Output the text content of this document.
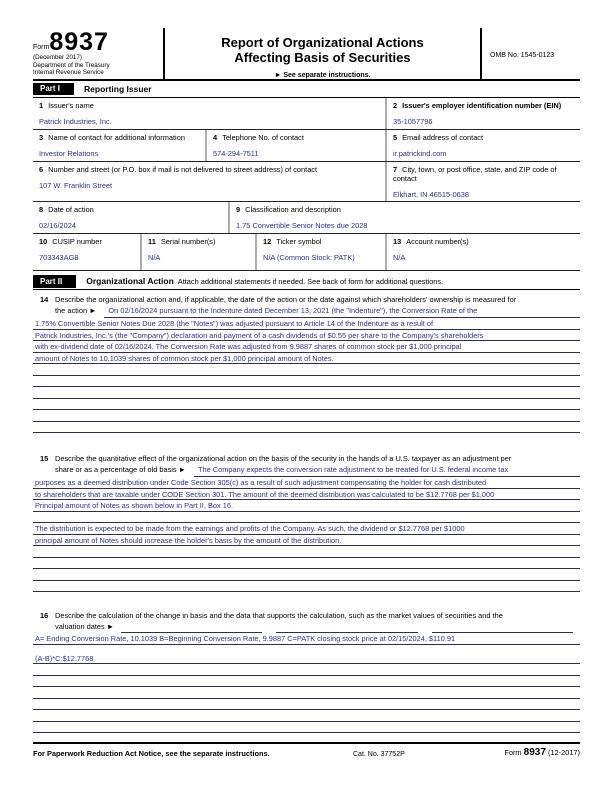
Form 8937
(December 2017)
Department of the Treasury
Internal Revenue Service
Report of Organizational Actions
Affecting Basis of Securities
► See separate instructions.
OMB No. 1545-0123
Part I	Reporting Issuer
1 Issuer's name
Patrick Industries, Inc.
2 Issuer's employer identification number (EIN)
35-1057796
3 Name of contact for additional information
Investor Relations
4 Telephone No. of contact
574-294-7511
5 Email address of contact
ir.patrickind.com
6 Number and street (or P.O. box if mail is not delivered to street address) of contact
107 W. Franklin Street
7 City, town, or post office, state, and ZIP code of contact
Elkhart, IN 46515-0638
8 Date of action
02/16/2024
9 Classification and description
1.75 Convertible Senior Notes due 2028
10 CUSIP number
703343AG8
11 Serial number(s)
N/A
12 Ticker symbol
N/A (Common Stock: PATK)
13 Account number(s)
N/A
Part II	Organizational Action Attach additional statements if needed. See back of form for additional questions.
14 Describe the organizational action and, if applicable, the date of the action or the date against which shareholders' ownership is measured for
the action ►	On 02/16/2024 pursuant to the Indenture dated December 13, 2021 (the "Indenture"), the Conversion Rate of the
1.75% Convertible Senior Notes Due 2028 (the "Notes") was adjusted pursuant to Article 14 of the Indenture as a result of
Patrick Industries, Inc.'s (the "Company") declaration and payment of a cash dividends of $0.55 per share to the Company's shareholders
with ex-dividend date of 02/16/2024. The Conversion Rate was adjusted from 9.9887 shares of common stock per $1,000 principal
amount of Notes to 10.1039 shares of common stock per $1,000 principal amount of Notes.
15 Describe the quantitative effect of the organizational action on the basis of the security in the hands of a U.S. taxpayer as an adjustment per
share or as a percentage of old basis ►	The Company expects the conversion rate adjustment to be treated for U.S. federal income tax
purposes as a deemed distribution under Code Section 305(c) as a result of such adjustment compensating the holder for cash distributed
to shareholders that are taxable under CODE Section 301. The amount of the deemed distribution was calculated to be $12.7768 per $1,000
Principal amount of Notes as shown below in Part II, Box 16.
The distribution is expected to be made from the earnings and profits of the Company. As such, the dividend or $12.7768 per $1000
principal amount of Notes should increase the holder's basis by the amount of the distribution.
16 Describe the calculation of the change in basis and the data that supports the calculation, such as the market values of securities and the
valuation dates ►
A= Ending Conversion Rate, 10.1039 B=Beginning Conversion Rate, 9.9887 C=PATK closing stock price at 02/15/2024, $110.91
(A-B)*C:$12.7768
For Paperwork Reduction Act Notice, see the separate instructions.	Cat. No. 37752P	Form 8937 (12-2017)
